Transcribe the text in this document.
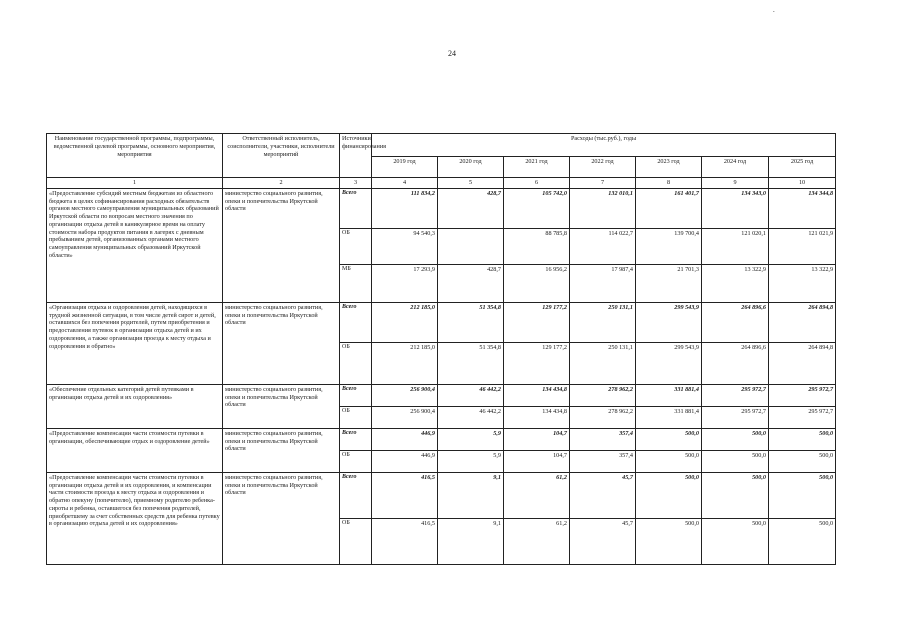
.
24
Наименование государственной программы, подпрограммы, ведомственной целевой программы, основного мероприятия, мероприятия	Ответственный исполнитель, соисполнители, участники, исполнители мероприятий	Источники финансирования	Расходы (тыс.руб.), годы						
			2019 год	2020 год	2021 год	2022 год	2023 год	2024 год	2025 год
1	2	3	4	5	6	7	8	9	10
«Предоставление субсидий местным бюджетам из областного бюджета в целях софинансирования расходных обязательств органов местного самоуправления муниципальных образований Иркутской области по вопросам местного значения по организации отдыха детей в каникулярное время на оплату стоимости набора продуктов питания в лагерях с дневным пребыванием детей, организованных органами местного самоуправления муниципальных образований Иркутской области»	министерство социального развития, опеки и попечительства Иркутской области	Всего	111 834,2	428,7	105 742,0	132 010,1	161 401,7	134 343,0	134 344,8
		ОБ	94 540,3		88 785,8	114 022,7	139 700,4	121 020,1	121 021,9
		МБ	17 293,9	428,7	16 956,2	17 987,4	21 701,3	13 322,9	13 322,9
«Организация отдыха и оздоровления детей, находящихся в трудной жизненной ситуации, в том числе детей сирот и детей, оставшихся без попечения родителей, путем приобретения и предоставления путевок в организации отдыха детей и их оздоровления, а также организация проезда к месту отдыха и оздоровления и обратно»	министерство социального развития, опеки и попечительства Иркутской области	Всего	212 185,0	51 354,8	129 177,2	250 131,1	299 543,9	264 896,6	264 894,8
		ОБ	212 185,0	51 354,8	129 177,2	250 131,1	299 543,9	264 896,6	264 894,8
«Обеспечение отдельных категорий детей путевками в организации отдыха детей и их оздоровления»	министерство социального развития, опеки и попечительства Иркутской области	Всего	256 900,4	46 442,2	134 434,8	278 962,2	331 881,4	295 972,7	295 972,7
		ОБ	256 900,4	46 442,2	134 434,8	278 962,2	331 881,4	295 972,7	295 972,7
«Предоставление компенсации части стоимости путевки в организации, обеспечивающие отдых и оздоровление детей»	министерство социального развития, опеки и попечительства Иркутской области	Всего	446,9	5,9	104,7	357,4	500,0	500,0	500,0
		ОБ	446,9	5,9	104,7	357,4	500,0	500,0	500,0
«Предоставление компенсации части стоимости путевки в организации отдыха детей и их оздоровления, и компенсации части стоимости проезда к месту отдыха и оздоровления и обратно опекуну (попечителю), приемному родителю ребенка-сироты и ребенка, оставшегося без попечения родителей, приобретшему за счет собственных средств для ребенка путевку в организацию отдыха детей и их оздоровления»	министерство социального развития, опеки и попечительства Иркутской области	Всего	416,5	9,1	61,2	45,7	500,0	500,0	500,0
		ОБ	416,5	9,1	61,2	45,7	500,0	500,0	500,0
